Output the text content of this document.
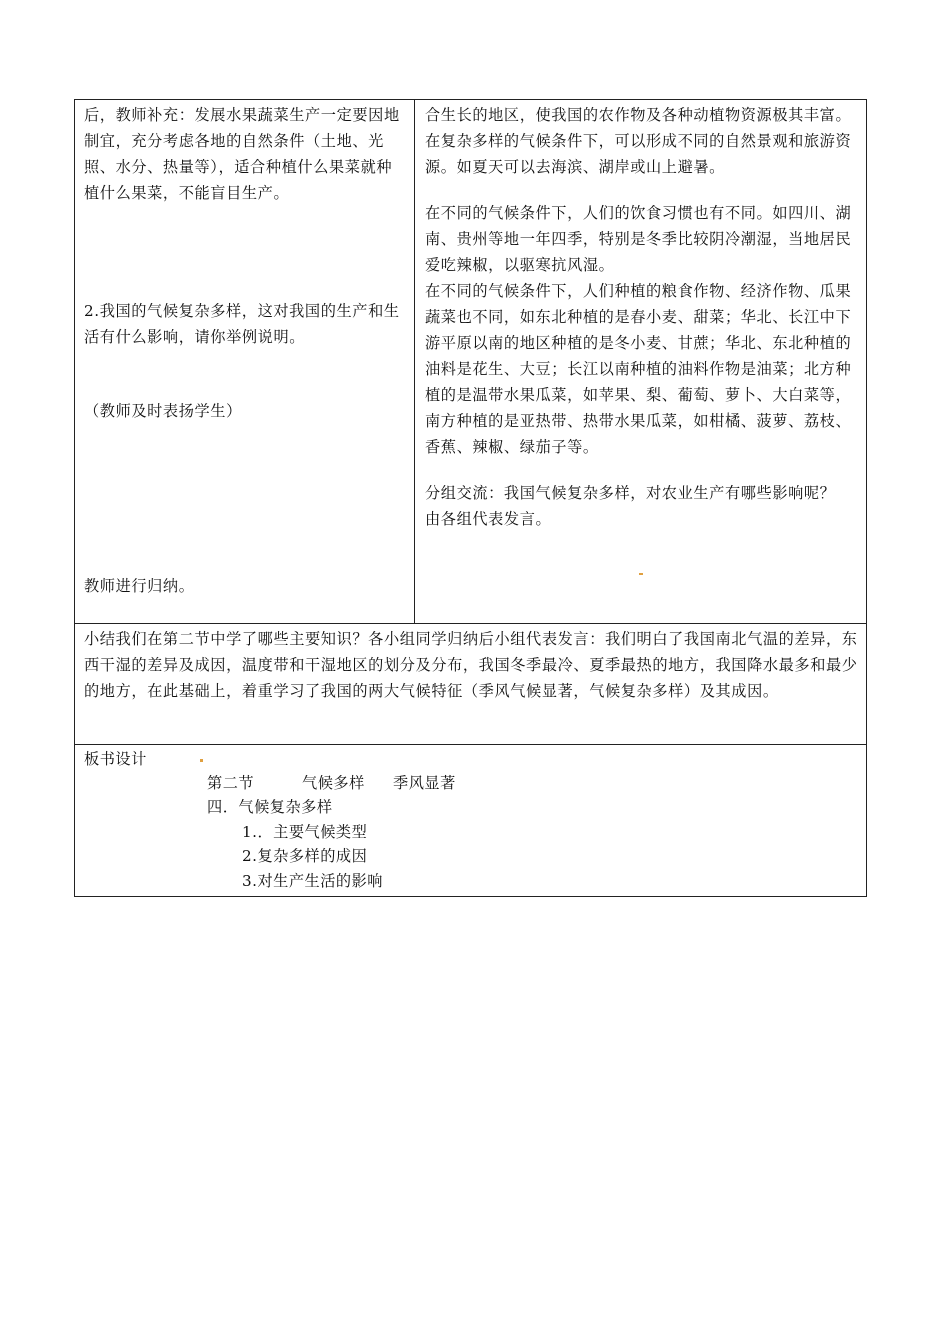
后，教师补充：发展水果蔬菜生产一定要因地制宜，充分考虑各地的自然条件（土地、光照、水分、热量等），适合种植什么果菜就种植什么果菜，不能盲目生产。

2.我国的气候复杂多样，这对我国的生产和生活有什么影响，请你举例说明。

（教师及时表扬学生）

教师进行归纳。

合生长的地区，使我国的农作物及各种动植物资源极其丰富。

在复杂多样的气候条件下，可以形成不同的自然景观和旅游资源。如夏天可以去海滨、湖岸或山上避暑。

在不同的气候条件下，人们的饮食习惯也有不同。如四川、湖南、贵州等地一年四季，特别是冬季比较阴冷潮湿，当地居民爱吃辣椒，以驱寒抗风湿。

在不同的气候条件下，人们种植的粮食作物、经济作物、瓜果蔬菜也不同，如东北种植的是春小麦、甜菜；华北、长江中下游平原以南的地区种植的是冬小麦、甘蔗；华北、东北种植的油料是花生、大豆；长江以南种植的油料作物是油菜；北方种植的是温带水果瓜菜，如苹果、梨、葡萄、萝卜、大白菜等，南方种植的是亚热带、热带水果瓜菜，如柑橘、菠萝、荔枝、香蕉、辣椒、绿茄子等。

分组交流：我国气候复杂多样，对农业生产有哪些影响呢？

由各组代表发言。

小结我们在第二节中学了哪些主要知识？各小组同学归纳后小组代表发言：我们明白了我国南北气温的差异，东西干湿的差异及成因，温度带和干湿地区的划分及分布，我国冬季最冷、夏季最热的地方，我国降水最多和最少的地方，在此基础上，着重学习了我国的两大气候特征（季风气候显著，气候复杂多样）及其成因。

板书设计
第二节	气候多样 季风显著
四．气候复杂多样
1.．主要气候类型
2.复杂多样的成因
3.对生产生活的影响
